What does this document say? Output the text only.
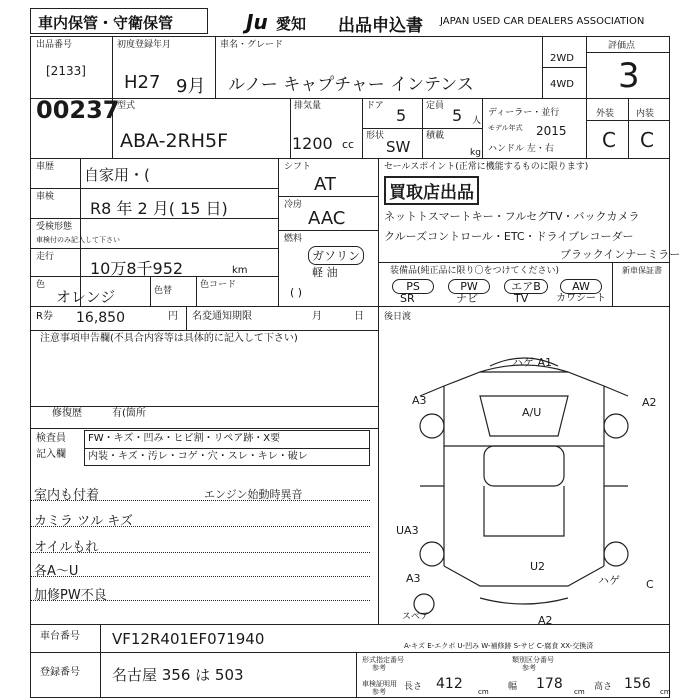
車内保管・守衛保管	Ju 愛知 出品申込書 JAPAN USED CAR DEALERS ASSOCIATION
出品番号
[2133]
00237
初度登録年月
H27 9月
車名・グレード
ルノー キャプチャー インテンス
2WD
4WD
評価点
3
型式
ABA-2RH5F
排気量
1200 cc
ドア 5 定員 5 人
形状
SW
積載
kg
ディーラー・並行
モデル年式 2015
ハンドル 左・右
外装 内装
C C
車歴 自家用・(
車検
R8 年 2 月( 15 日)
受検形態
車検付のみ記入して下さい
走行
10万8千952	km
色
オレンジ	色替
色コード
シフト
AT
冷房
AAC
燃料
ガソリン
軽 油
( )
セールスポイント(正常に機能するものに限ります)
買取店出品
ネットトスマートキー・フルセグTV・バックカメラ
クルーズコントロール・ETC・ドライブレコーダー
ブラックインナーミラー
装備品(純正品に限り〇をつけてください)	新車保証書
PS	PW	エアB	AW
SR	ナビ	TV	カワシート
R券 16,850	円 名変通知期限	月	日 後日渡
注意事項申告欄(不具合内容等は具体的に記入して下さい)
修復歴	有(箇所
検査員
記入欄
FW・キズ・凹み・ヒビ割・リペア跡・X要
内装・キズ・汚レ・コゲ・穴・スレ・キレ・破レ
エンジン始動時異音
室内も付着
カミラ ツル キズ
オイルもれ
各A～U
加修PW不良
ハゲ A1
A/U
A3	A2
UA3
A3
U2
ハゲ C
A2
スペア
A-キズ E-エクボ U-凹み W-補修跡 S-サビ C-腐食 XX-交換済
車台番号 VF12R401EF071940
登録番号 名古屋 356 は 503
形式指定番号
参考
類別区分番号
参考
車検証明用
参考 長さ 412 cm 幅 178 cm 高さ 156 cm
